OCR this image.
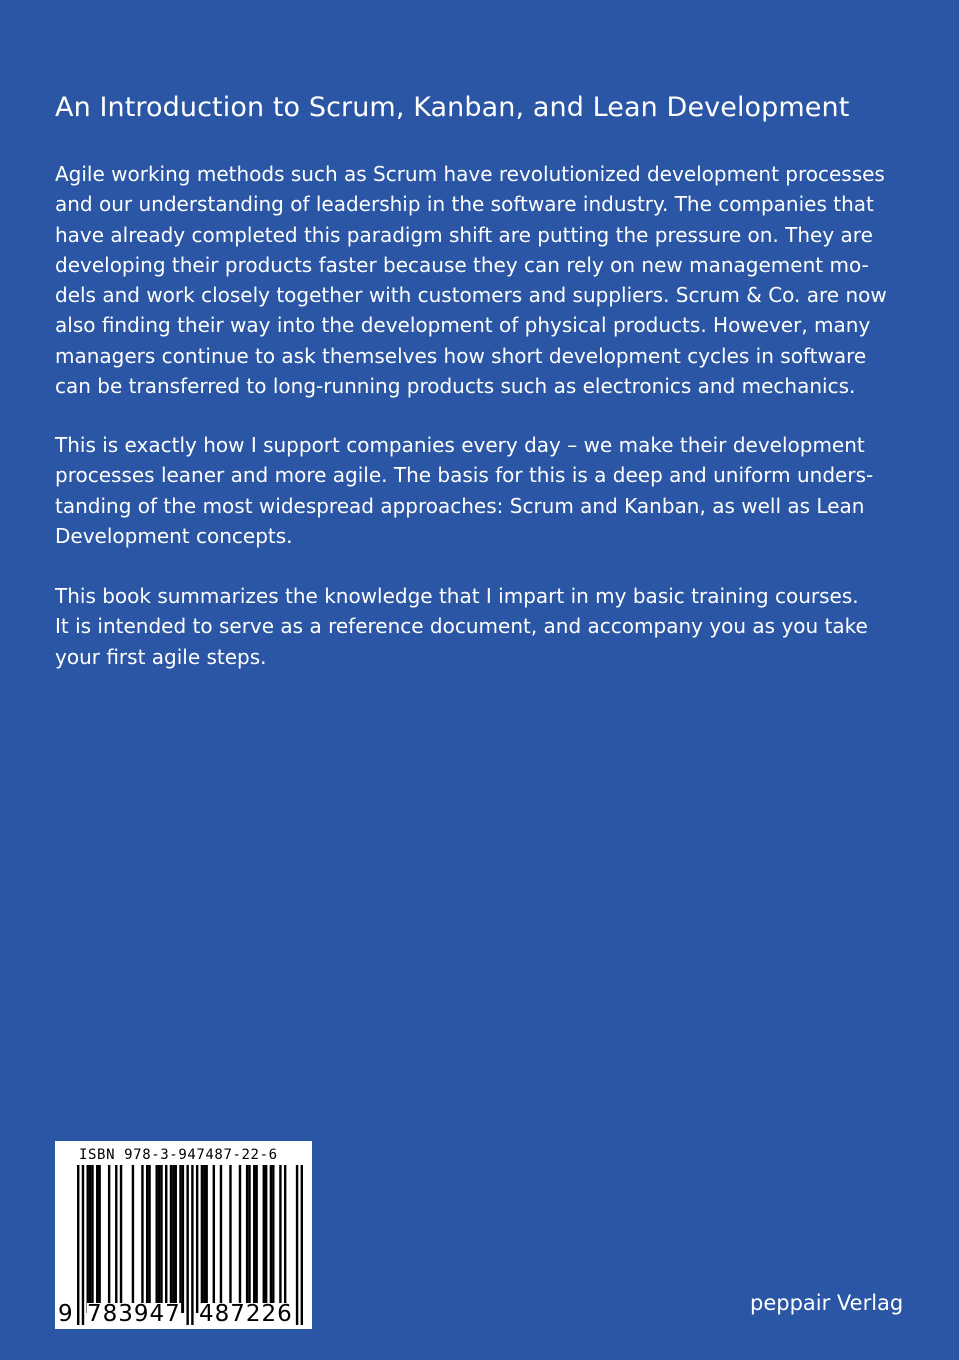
An Introduction to Scrum, Kanban, and Lean Development

Agile working methods such as Scrum have revolutionized development processes
and our understanding of leadership in the software industry. The companies that
have already completed this paradigm shift are putting the pressure on. They are
developing their products faster because they can rely on new management mo-
dels and work closely together with customers and suppliers. Scrum & Co. are now
also finding their way into the development of physical products. However, many
managers continue to ask themselves how short development cycles in software
can be transferred to long-running products such as electronics and mechanics.

This is exactly how I support companies every day – we make their development
processes leaner and more agile. The basis for this is a deep and uniform unders-
tanding of the most widespread approaches: Scrum and Kanban, as well as Lean
Development concepts.

This book summarizes the knowledge that I impart in my basic training courses.
It is intended to serve as a reference document, and accompany you as you take
your first agile steps.

ISBN 978-3-947487-22-6
9 783947 487226	peppair Verlag
